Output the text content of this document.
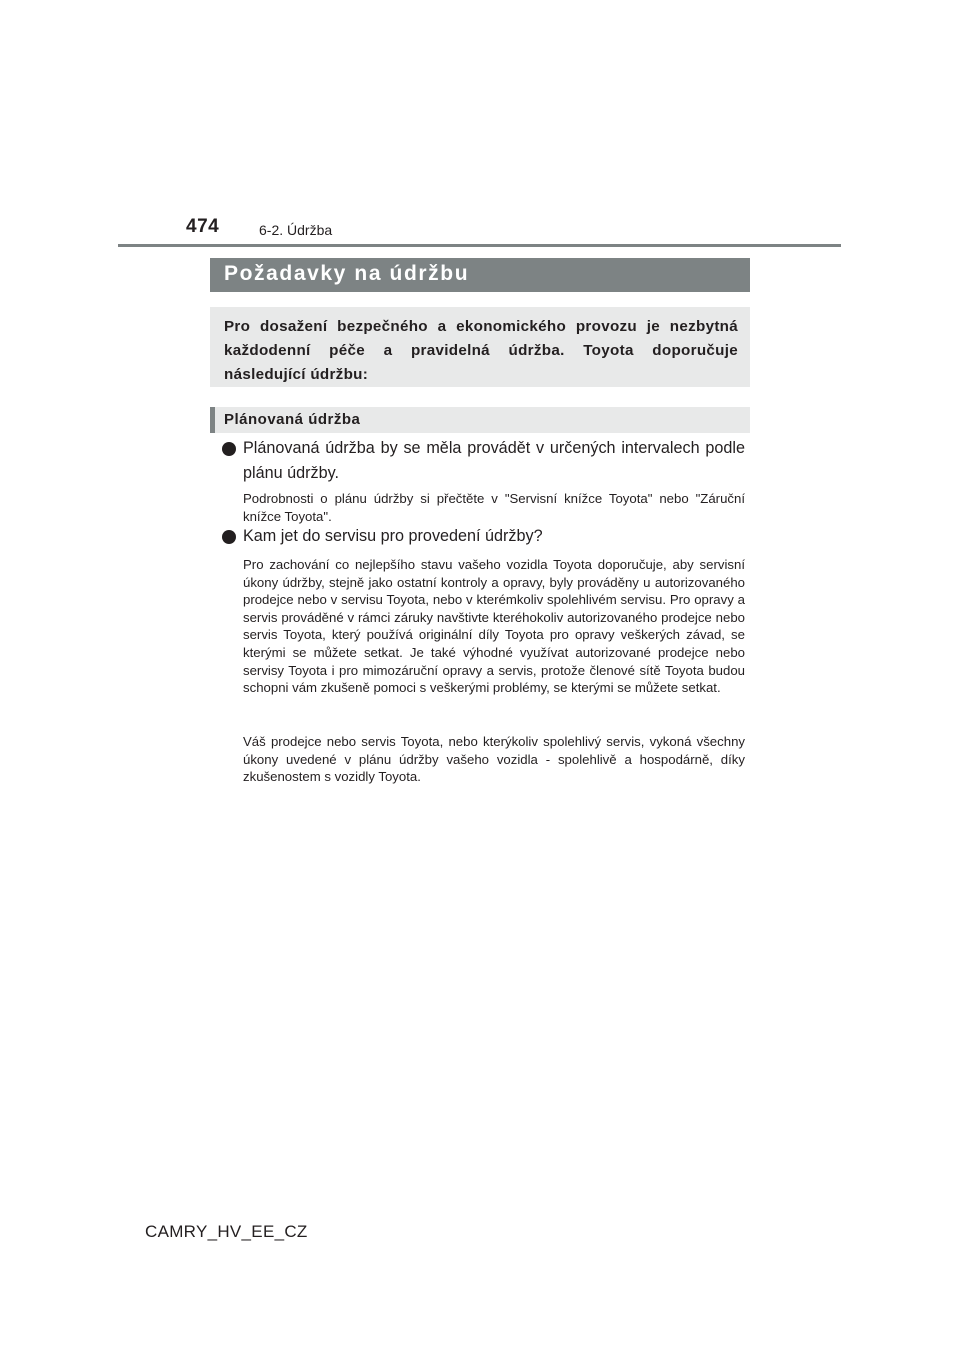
474	6-2. Údržba
Požadavky na údržbu

Pro dosažení bezpečného a ekonomického provozu je nezbytná každodenní péče a pravidelná údržba. Toyota doporučuje následující údržbu:

Plánovaná údržba

Plánovaná údržba by se měla provádět v určených intervalech podle plánu údržby.

Podrobnosti o plánu údržby si přečtěte v "Servisní knížce Toyota" nebo "Záruční knížce Toyota".

Kam jet do servisu pro provedení údržby?

Pro zachování co nejlepšího stavu vašeho vozidla Toyota doporučuje, aby servisní úkony údržby, stejně jako ostatní kontroly a opravy, byly prováděny u autorizovaného prodejce nebo v servisu Toyota, nebo v kterémkoliv spolehlivém servisu. Pro opravy a servis prováděné v rámci záruky navštivte kteréhokoliv autorizovaného prodejce nebo servis Toyota, který používá originální díly Toyota pro opravy veškerých závad, se kterými se můžete setkat. Je také výhodné využívat autorizované prodejce nebo servisy Toyota i pro mimozáruční opravy a servis, protože členové sítě Toyota budou schopni vám zkušeně pomoci s veškerými problémy, se kterými se můžete setkat.

Váš prodejce nebo servis Toyota, nebo kterýkoliv spolehlivý servis, vykoná všechny úkony uvedené v plánu údržby vašeho vozidla - spolehlivě a hospodárně, díky zkušenostem s vozidly Toyota.

CAMRY_HV_EE_CZ
